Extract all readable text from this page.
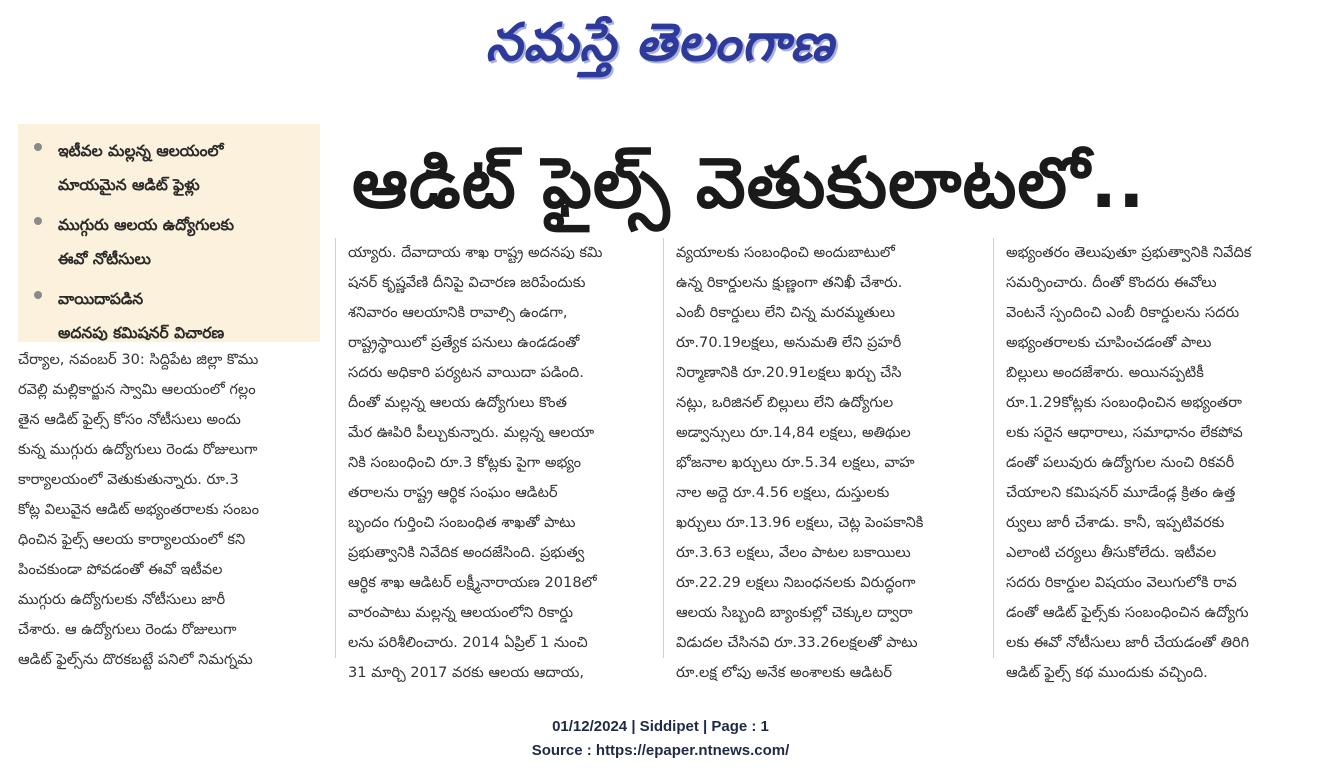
నమస్తే తెలంగాణ
ఇటీవల మల్లన్న ఆలయంలో
మాయమైన ఆడిట్ ఫైళ్లు
ముగ్గురు ఆలయ ఉద్యోగులకు
ఈవో నోటీసులు
వాయిదాపడిన
అదనపు కమిషనర్ విచారణ
ఆడిట్ ఫైల్స్ వెతుకులాటలో..
చేర్యాల, నవంబర్ 30: సిద్దిపేట జిల్లా కొము
రవెల్లి మల్లికార్జున స్వామి ఆలయంలో గల్లం
తైన ఆడిట్ ఫైల్స్ కోసం నోటీసులు అందు
కున్న ముగ్గురు ఉద్యోగులు రెండు రోజులుగా
కార్యాలయంలో వెతుకుతున్నారు. రూ.3
కోట్ల విలువైన ఆడిట్ అభ్యంతరాలకు సంబం
ధించిన ఫైల్స్ ఆలయ కార్యాలయంలో కని
పించకుండా పోవడంతో ఈవో ఇటీవల
ముగ్గురు ఉద్యోగులకు నోటీసులు జారీ
చేశారు. ఆ ఉద్యోగులు రెండు రోజులుగా
ఆడిట్ ఫైల్స్‌ను దొరకబట్టే పనిలో నిమగ్నమ
య్యారు. దేవాదాయ శాఖ రాష్ట్ర అదనపు కమి
షనర్ కృష్ణవేణి దీనిపై విచారణ జరిపేందుకు
శనివారం ఆలయానికి రావాల్సి ఉండగా,
రాష్ట్రస్థాయిలో ప్రత్యేక పనులు ఉండడంతో
సదరు అధికారి పర్యటన వాయిదా పడింది.
దీంతో మల్లన్న ఆలయ ఉద్యోగులు కొంత
మేర ఊపిరి పీల్చుకున్నారు. మల్లన్న ఆలయా
నికి సంబంధించి రూ.3 కోట్లకు పైగా అభ్యం
తరాలను రాష్ట్ర ఆర్థిక సంఘం ఆడిటర్
బృందం గుర్తించి సంబంధిత శాఖతో పాటు
ప్రభుత్వానికి నివేదిక అందజేసింది. ప్రభుత్వ
ఆర్థిక శాఖ ఆడిటర్ లక్ష్మీనారాయణ 2018లో
వారంపాటు మల్లన్న ఆలయంలోని రికార్డు
లను పరిశీలించారు. 2014 ఏప్రిల్ 1 నుంచి
31 మార్చి 2017 వరకు ఆలయ ఆదాయ,
వ్యయాలకు సంబంధించి అందుబాటులో
ఉన్న రికార్డులను క్షుణ్ణంగా తనిఖీ చేశారు.
ఎంబీ రికార్డులు లేని చిన్న మరమ్మతులు
రూ.70.19లక్షలు, అనుమతి లేని ప్రహరీ
నిర్మాణానికి రూ.20.91లక్షలు ఖర్చు చేసి
నట్లు, ఒరిజినల్ బిల్లులు లేని ఉద్యోగుల
అడ్వాన్సులు రూ.14,84 లక్షలు, అతిథుల
భోజనాల ఖర్చులు రూ.5.34 లక్షలు, వాహ
నాల అద్దె రూ.4.56 లక్షలు, దుస్తులకు
ఖర్చులు రూ.13.96 లక్షలు, చెట్ల పెంపకానికి
రూ.3.63 లక్షలు, వేలం పాటల బకాయిలు
రూ.22.29 లక్షలు నిబంధనలకు విరుద్ధంగా
ఆలయ సిబ్బంది బ్యాంకుల్లో చెక్కుల ద్వారా
విడుదల చేసినవి రూ.33.26లక్షలతో పాటు
రూ.లక్ష లోపు అనేక అంశాలకు ఆడిటర్
అభ్యంతరం తెలుపుతూ ప్రభుత్వానికి నివేదిక
సమర్పించారు. దీంతో కొందరు ఈవోలు
వెంటనే స్పందించి ఎంబీ రికార్డులను సదరు
అభ్యంతరాలకు చూపించడంతో పాలు
బిల్లులు అందజేశారు. అయినప్పటికీ
రూ.1.29కోట్లకు సంబంధించిన అభ్యంతరా
లకు సరైన ఆధారాలు, సమాధానం లేకపోవ
డంతో పలువురు ఉద్యోగుల నుంచి రికవరీ
చేయాలని కమిషనర్ మూడేండ్ల క్రితం ఉత్త
ర్వులు జారీ చేశాడు. కానీ, ఇప్పటివరకు
ఎలాంటి చర్యలు తీసుకోలేదు. ఇటీవల
సదరు రికార్డుల విషయం వెలుగులోకి రావ
డంతో ఆడిట్ ఫైల్స్‌కు సంబంధించిన ఉద్యోగు
లకు ఈవో నోటీసులు జారీ చేయడంతో తిరిగి
ఆడిట్ ఫైల్స్ కథ ముందుకు వచ్చింది.
01/12/2024 | Siddipet | Page : 1
Source : https://epaper.ntnews.com/
